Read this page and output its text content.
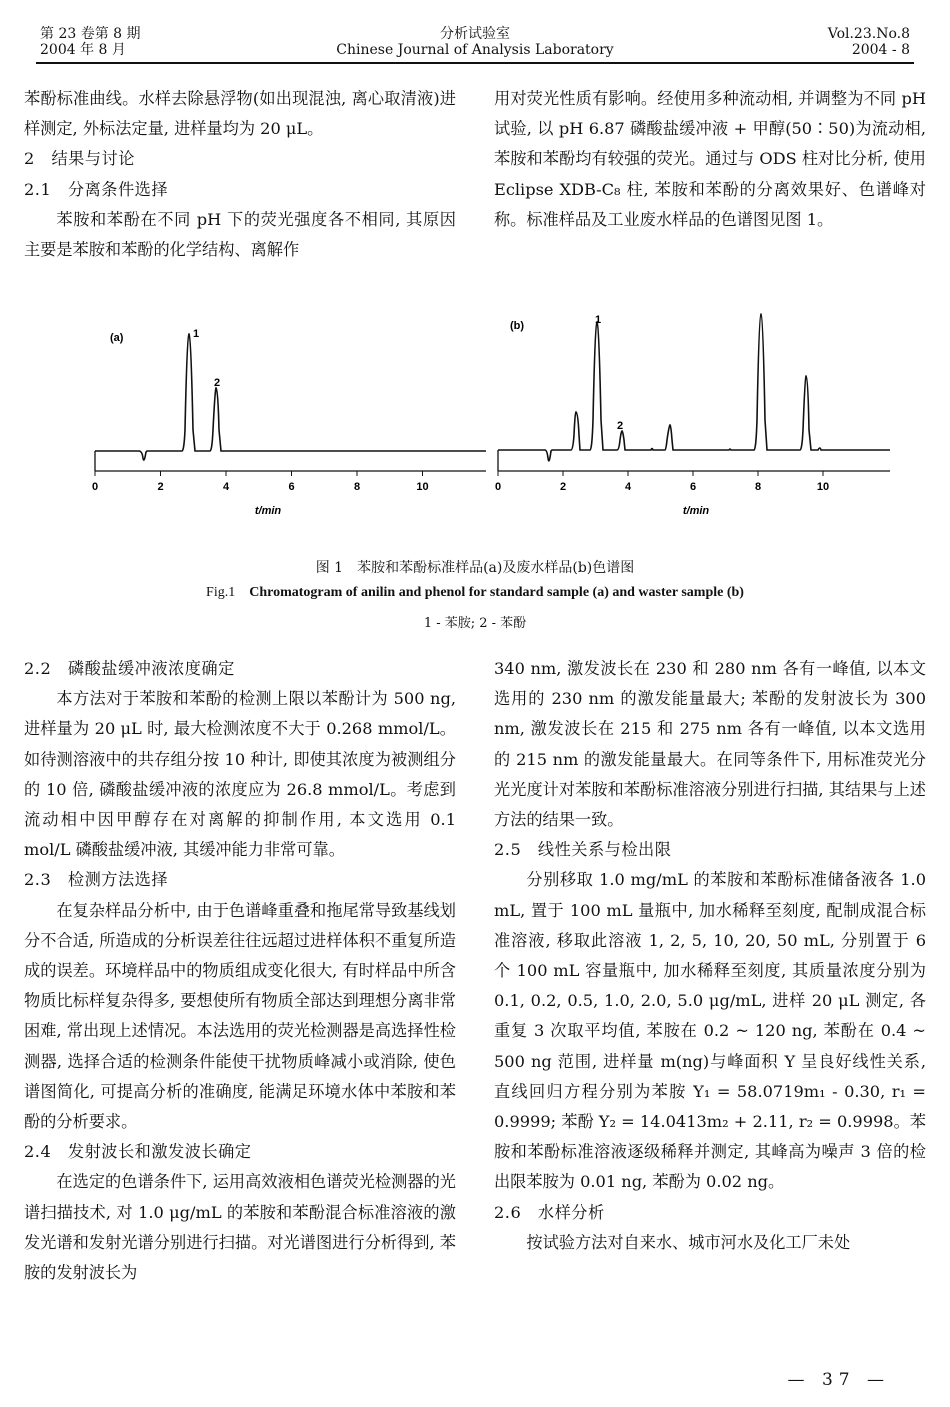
第 23 卷第 8 期
2004 年 8 月
分析试验室
Chinese Journal of Analysis Laboratory
Vol.23.No.8
2004 - 8

苯酚标准曲线。水样去除悬浮物(如出现混浊, 离心取清液)进样测定, 外标法定量, 进样量均为 20 μL。

2　结果与讨论

2.1　分离条件选择

苯胺和苯酚在不同 pH 下的荧光强度各不相同, 其原因主要是苯胺和苯酚的化学结构、离解作

用对荧光性质有影响。经使用多种流动相, 并调整为不同 pH 试验, 以 pH 6.87 磷酸盐缓冲液 + 甲醇(50∶50)为流动相, 苯胺和苯酚均有较强的荧光。通过与 ODS 柱对比分析, 使用 Eclipse XDB-C₈ 柱, 苯胺和苯酚的分离效果好、色谱峰对称。标准样品及工业废水样品的色谱图见图 1。

(a)	1
2
0	2	4	6	8	10
t/min
(b)	1
2
0	2	4	6	8	10
t/min
图 1　苯胺和苯酚标准样品(a)及废水样品(b)色谱图
Fig.1 Chromatogram of anilin and phenol for standard sample (a) and waster sample (b)
1 - 苯胺; 2 - 苯酚

2.2　磷酸盐缓冲液浓度确定

本方法对于苯胺和苯酚的检测上限以苯酚计为 500 ng, 进样量为 20 μL 时, 最大检测浓度不大于 0.268 mmol/L。如待测溶液中的共存组分按 10 种计, 即使其浓度为被测组分的 10 倍, 磷酸盐缓冲液的浓度应为 26.8 mmol/L。考虑到流动相中因甲醇存在对离解的抑制作用, 本文选用 0.1 mol/L 磷酸盐缓冲液, 其缓冲能力非常可靠。

2.3　检测方法选择

在复杂样品分析中, 由于色谱峰重叠和拖尾常导致基线划分不合适, 所造成的分析误差往往远超过进样体积不重复所造成的误差。环境样品中的物质组成变化很大, 有时样品中所含物质比标样复杂得多, 要想使所有物质全部达到理想分离非常困难, 常出现上述情况。本法选用的荧光检测器是高选择性检测器, 选择合适的检测条件能使干扰物质峰减小或消除, 使色谱图简化, 可提高分析的准确度, 能满足环境水体中苯胺和苯酚的分析要求。

2.4　发射波长和激发波长确定

在选定的色谱条件下, 运用高效液相色谱荧光检测器的光谱扫描技术, 对 1.0 μg/mL 的苯胺和苯酚混合标准溶液的激发光谱和发射光谱分别进行扫描。对光谱图进行分析得到, 苯胺的发射波长为

340 nm, 激发波长在 230 和 280 nm 各有一峰值, 以本文选用的 230 nm 的激发能量最大; 苯酚的发射波长为 300 nm, 激发波长在 215 和 275 nm 各有一峰值, 以本文选用的 215 nm 的激发能量最大。在同等条件下, 用标准荧光分光光度计对苯胺和苯酚标准溶液分别进行扫描, 其结果与上述方法的结果一致。

2.5　线性关系与检出限

分别移取 1.0 mg/mL 的苯胺和苯酚标准储备液各 1.0 mL, 置于 100 mL 量瓶中, 加水稀释至刻度, 配制成混合标准溶液, 移取此溶液 1, 2, 5, 10, 20, 50 mL, 分别置于 6 个 100 mL 容量瓶中, 加水稀释至刻度, 其质量浓度分别为 0.1, 0.2, 0.5, 1.0, 2.0, 5.0 μg/mL, 进样 20 μL 测定, 各重复 3 次取平均值, 苯胺在 0.2 ~ 120 ng, 苯酚在 0.4 ~ 500 ng 范围, 进样量 m(ng)与峰面积 Y 呈良好线性关系, 直线回归方程分别为苯胺 Y₁ = 58.0719m₁ - 0.30, r₁ = 0.9999; 苯酚 Y₂ = 14.0413m₂ + 2.11, r₂ = 0.9998。苯胺和苯酚标准溶液逐级稀释并测定, 其峰高为噪声 3 倍的检出限苯胺为 0.01 ng, 苯酚为 0.02 ng。

2.6　水样分析

按试验方法对自来水、城市河水及化工厂未处

— 37 —
